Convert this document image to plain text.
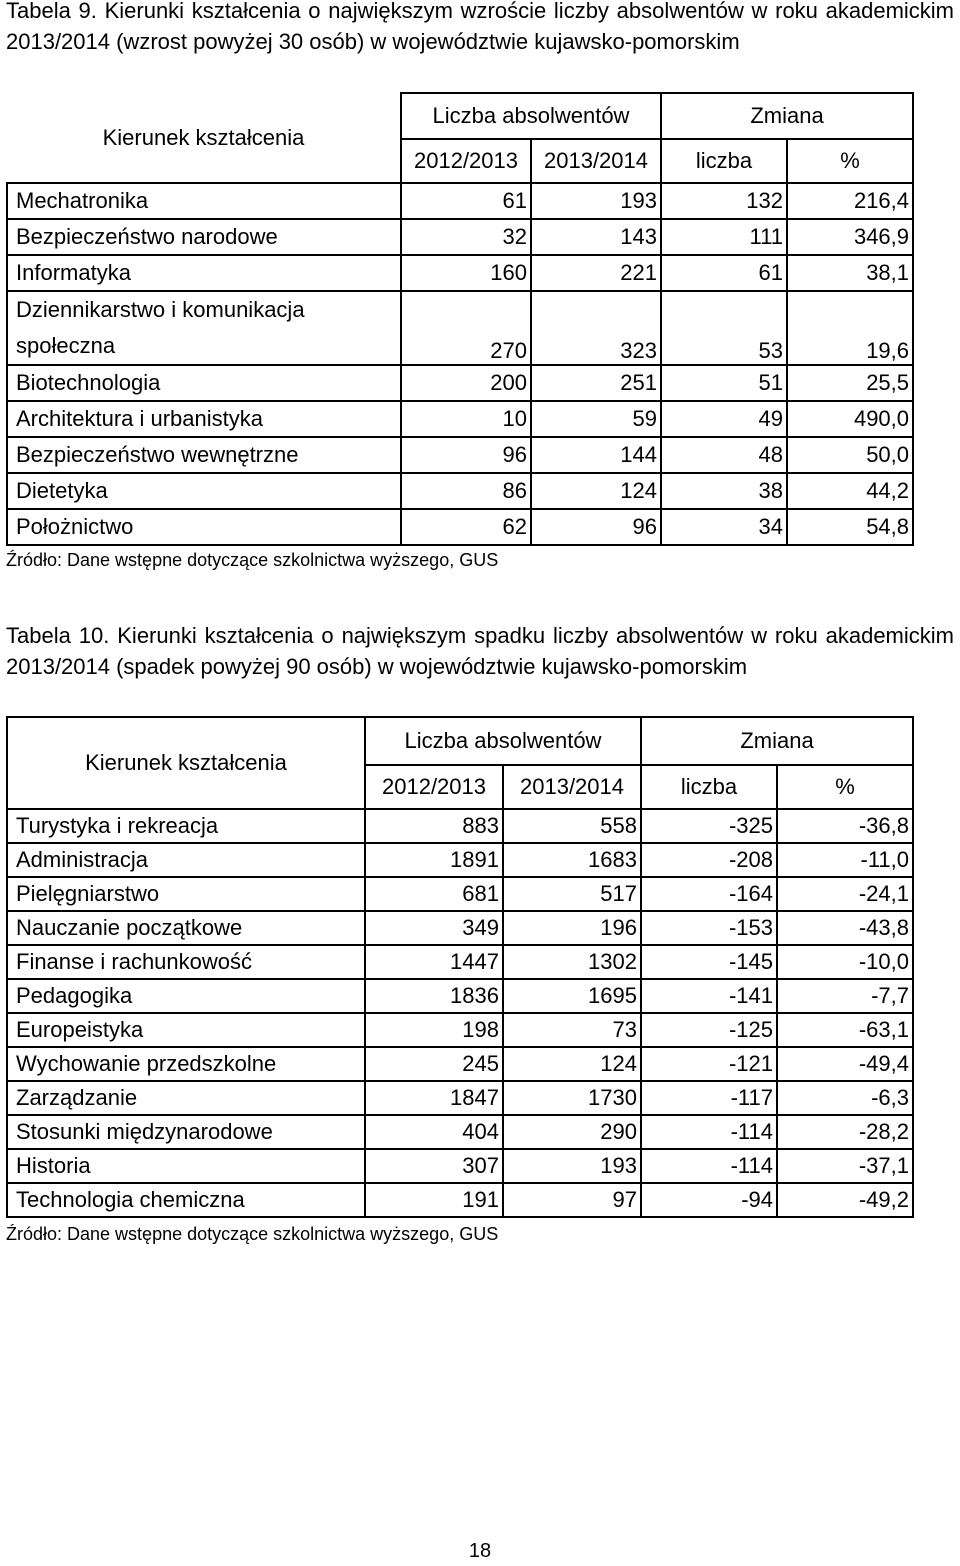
Tabela 9. Kierunki kształcenia o największym wzroście liczby absolwentów w roku akademickim 2013/2014 (wzrost powyżej 30 osób) w województwie kujawsko-pomorskim
Kierunek kształcenia	Liczba absolwentów		Zmiana	
	2012/2013	2013/2014	liczba	%
Mechatronika	61	193	132	216,4
Bezpieczeństwo narodowe	32	143	111	346,9
Informatyka	160	221	61	38,1
Dziennikarstwo i komunikacja społeczna	270	323	53	19,6
Biotechnologia	200	251	51	25,5
Architektura i urbanistyka	10	59	49	490,0
Bezpieczeństwo wewnętrzne	96	144	48	50,0
Dietetyka	86	124	38	44,2
Położnictwo	62	96	34	54,8
Źródło: Dane wstępne dotyczące szkolnictwa wyższego, GUS
Tabela 10. Kierunki kształcenia o największym spadku liczby absolwentów w roku akademickim 2013/2014 (spadek powyżej 90 osób) w województwie kujawsko-pomorskim
Kierunek kształcenia	Liczba absolwentów		Zmiana	
	2012/2013	2013/2014	liczba	%
Turystyka i rekreacja	883	558	-325	-36,8
Administracja	1891	1683	-208	-11,0
Pielęgniarstwo	681	517	-164	-24,1
Nauczanie początkowe	349	196	-153	-43,8
Finanse i rachunkowość	1447	1302	-145	-10,0
Pedagogika	1836	1695	-141	-7,7
Europeistyka	198	73	-125	-63,1
Wychowanie przedszkolne	245	124	-121	-49,4
Zarządzanie	1847	1730	-117	-6,3
Stosunki międzynarodowe	404	290	-114	-28,2
Historia	307	193	-114	-37,1
Technologia chemiczna	191	97	-94	-49,2
Źródło: Dane wstępne dotyczące szkolnictwa wyższego, GUS
18
